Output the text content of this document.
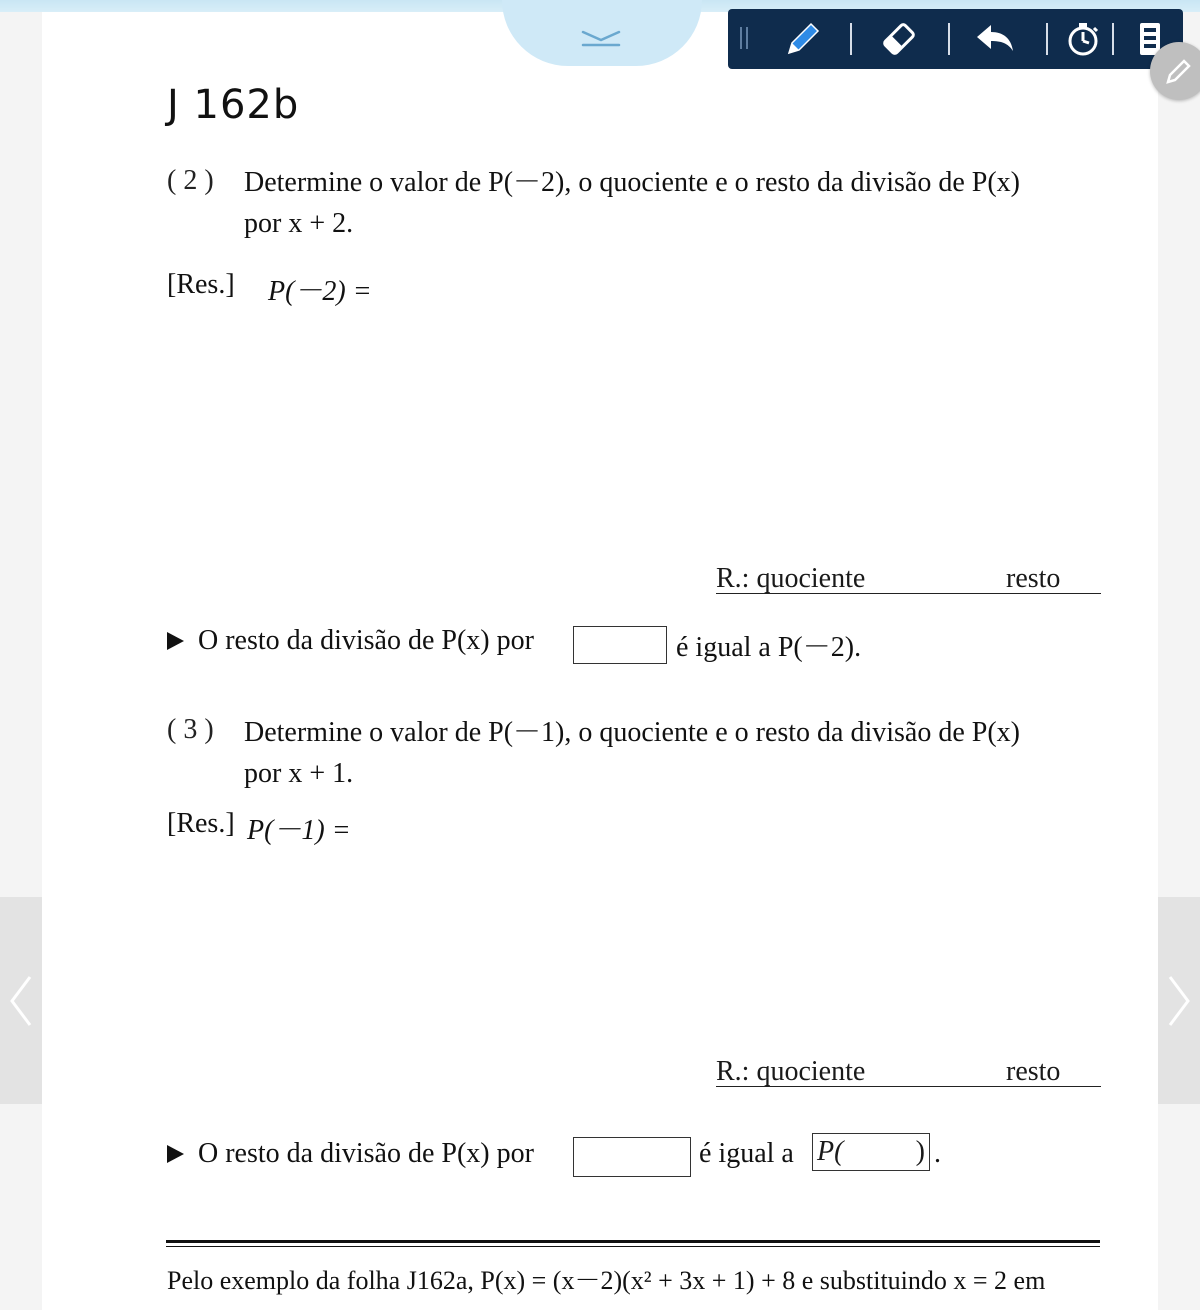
J 162b
( 2 ) Determine o valor de P(－2), o quociente e o resto da divisão de P(x)
por x + 2.
[Res.] P(－2) =
R.: quociente	resto
O resto da divisão de P(x) por	é igual a P(－2).
( 3 ) Determine o valor de P(－1), o quociente e o resto da divisão de P(x)
por x + 1.
[Res.] P(－1) =
R.: quociente	resto
O resto da divisão de P(x) por	é igual a P(	) .
Pelo exemplo da folha J162a, P(x) = (x－2)(x² + 3x + 1) + 8 e substituindo x = 2 em
